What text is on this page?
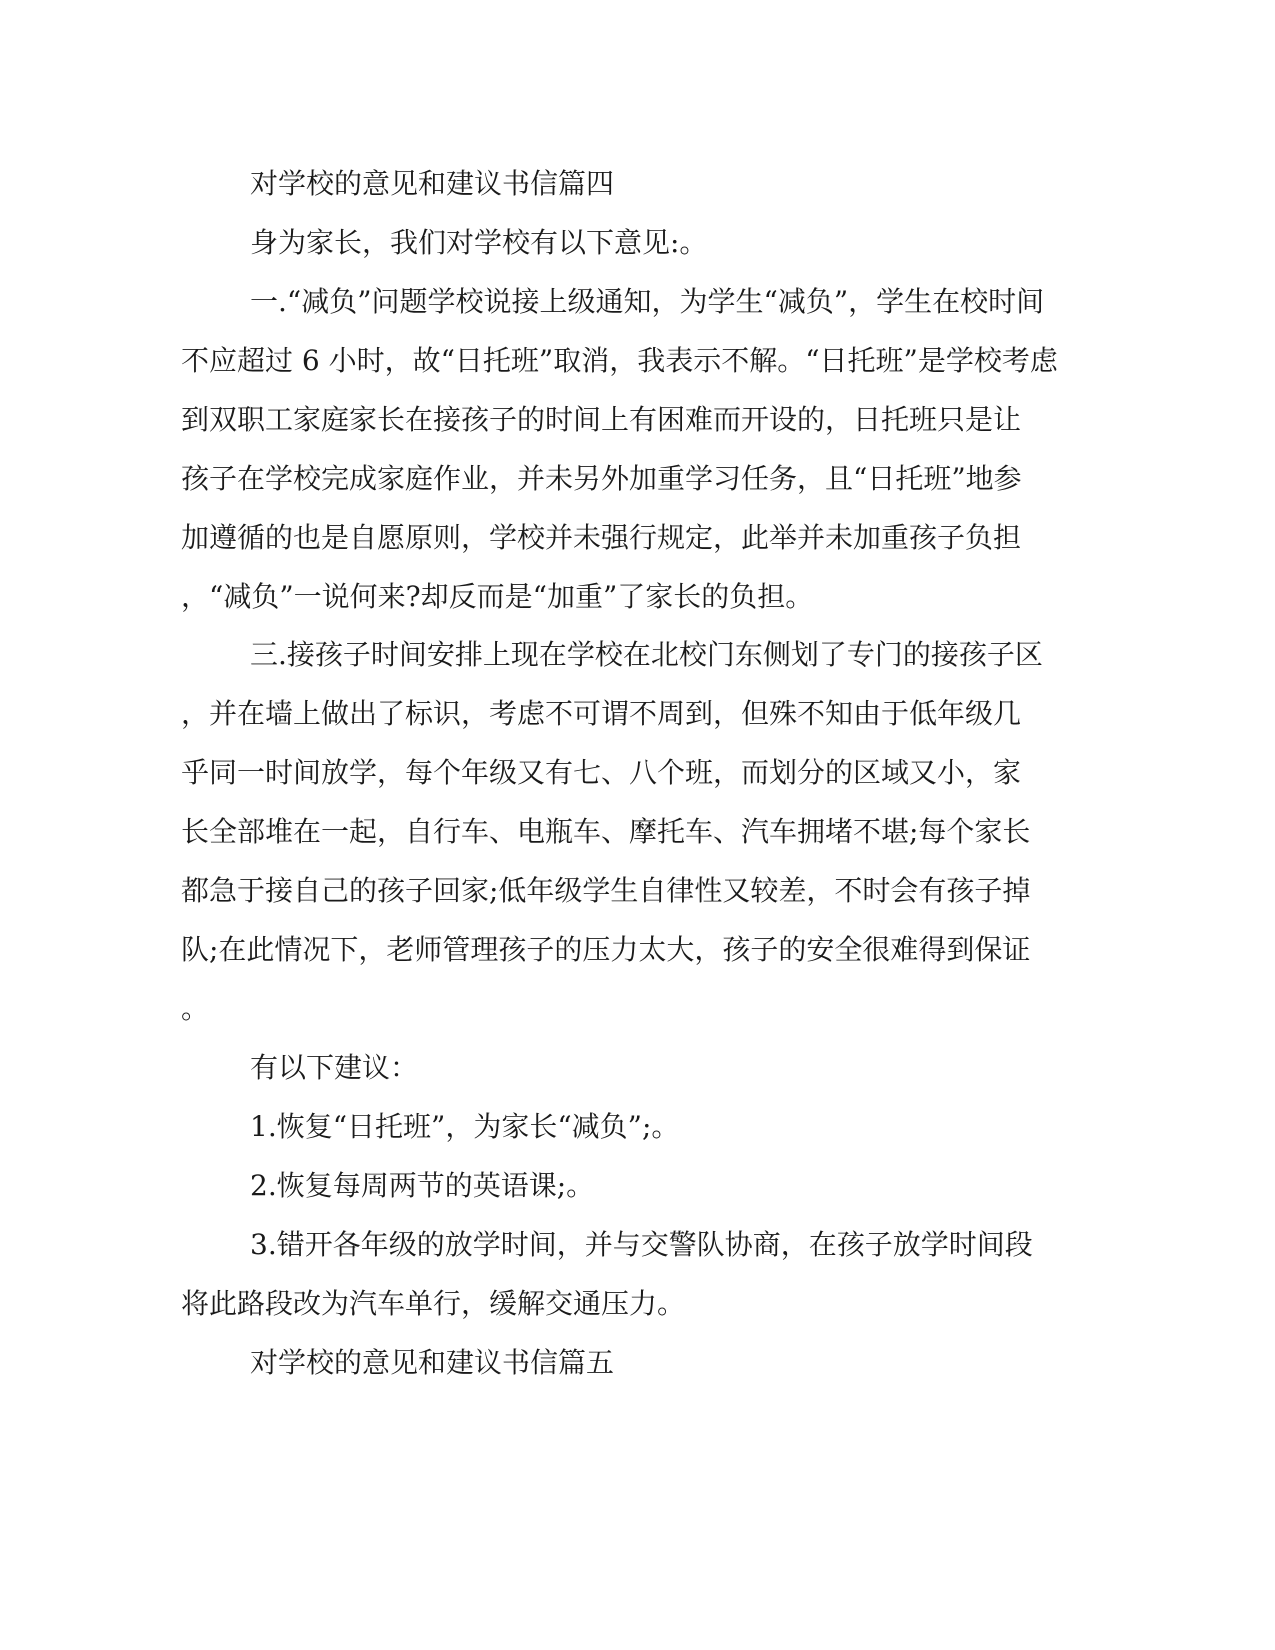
对学校的意见和建议书信篇四
身为家长，我们对学校有以下意见:。
一.“减负”问题学校说接上级通知，为学生“减负”，学生在校时间
不应超过 6 小时，故“日托班”取消，我表示不解。“日托班”是学校考虑
到双职工家庭家长在接孩子的时间上有困难而开设的，日托班只是让
孩子在学校完成家庭作业，并未另外加重学习任务，且“日托班”地参
加遵循的也是自愿原则，学校并未强行规定，此举并未加重孩子负担
，“减负”一说何来?却反而是“加重”了家长的负担。
三.接孩子时间安排上现在学校在北校门东侧划了专门的接孩子区
，并在墙上做出了标识，考虑不可谓不周到，但殊不知由于低年级几
乎同一时间放学，每个年级又有七、八个班，而划分的区域又小，家
长全部堆在一起，自行车、电瓶车、摩托车、汽车拥堵不堪;每个家长
都急于接自己的孩子回家;低年级学生自律性又较差，不时会有孩子掉
队;在此情况下，老师管理孩子的压力太大，孩子的安全很难得到保证
。
有以下建议：
1.恢复“日托班”，为家长“减负”;。
2.恢复每周两节的英语课;。
3.错开各年级的放学时间，并与交警队协商，在孩子放学时间段
将此路段改为汽车单行，缓解交通压力。
对学校的意见和建议书信篇五
